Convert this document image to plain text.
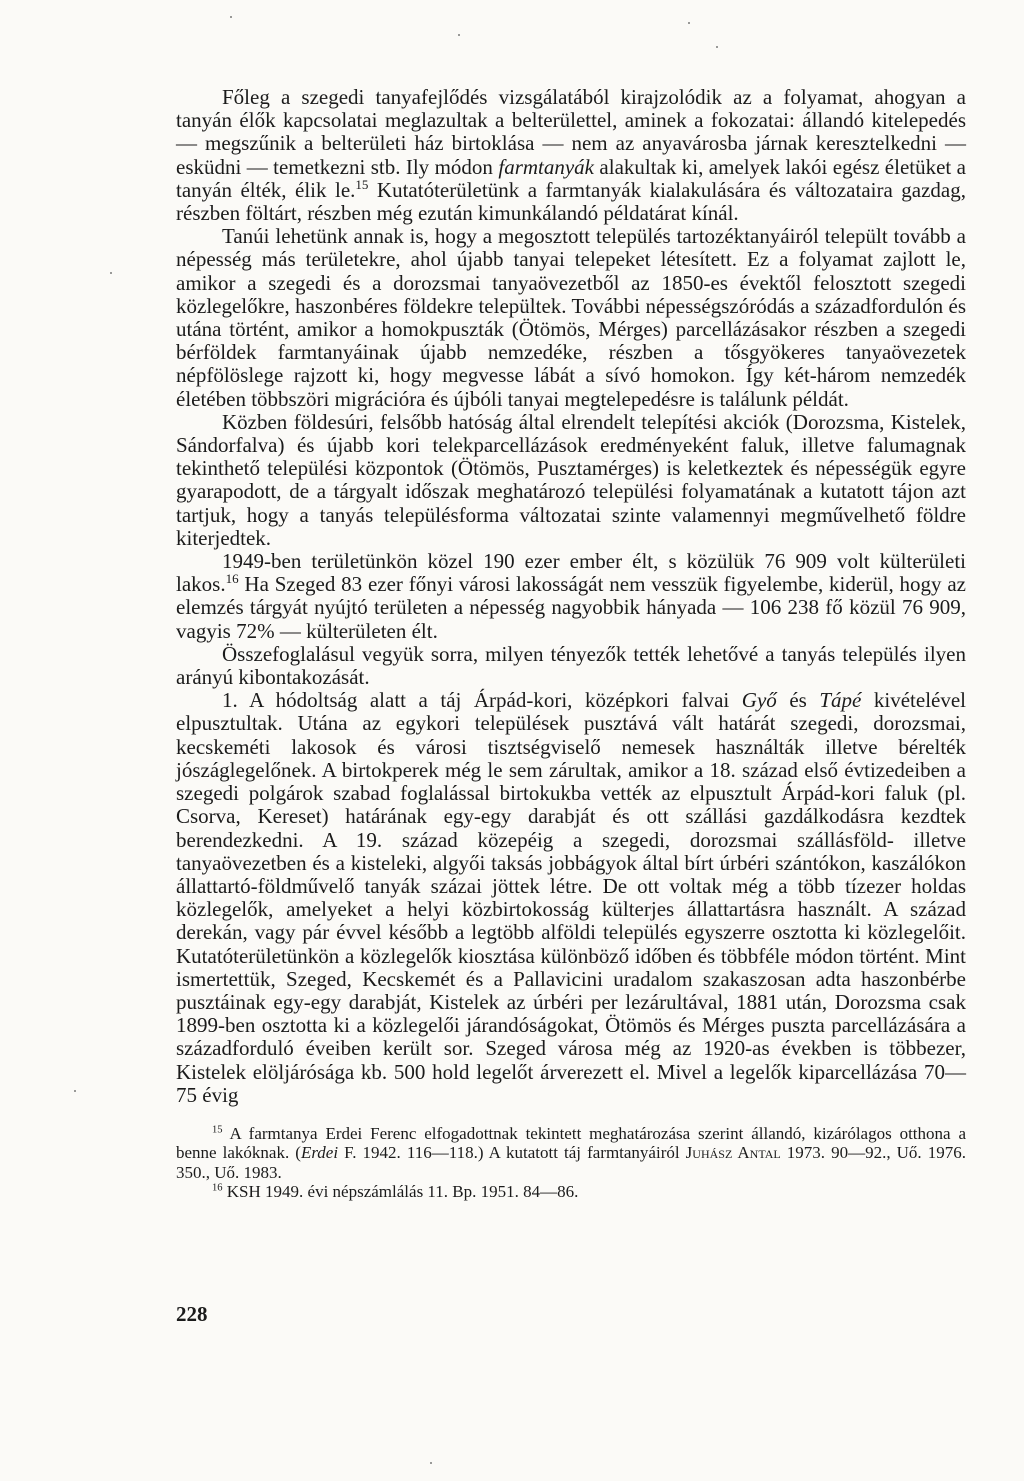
Főleg a szegedi tanyafejlődés vizsgálatából kirajzolódik az a folyamat, ahogyan a tanyán élők kapcsolatai meglazultak a belterülettel, aminek a fokozatai: állandó kitelepedés — megszűnik a belterületi ház birtoklása — nem az anyavárosba járnak keresztelkedni — esküdni — temetkezni stb. Ily módon farmtanyák alakultak ki, amelyek lakói egész életüket a tanyán élték, élik le.$^{15}$ Kutatóterületünk a farmtanyák kialakulására és változataira gazdag, részben föltárt, részben még ezután kimunkálandó példatárat kínál.

Tanúi lehetünk annak is, hogy a megosztott település tartozéktanyáiról települt tovább a népesség más területekre, ahol újabb tanyai telepeket létesített. Ez a folyamat zajlott le, amikor a szegedi és a dorozsmai tanyaövezetből az 1850-es évektől felosztott szegedi közlegelőkre, haszonbéres földekre települtek. További népességszóródás a századfordulón és utána történt, amikor a homokpuszták (Ötömös, Mérges) parcellázásakor részben a szegedi bérföldek farmtanyáinak újabb nemzedéke, részben a tősgyökeres tanyaövezetek népfölöslege rajzott ki, hogy megvesse lábát a sívó homokon. Így két-három nemzedék életében többszöri migrációra és újbóli tanyai megtelepedésre is találunk példát.

Közben földesúri, felsőbb hatóság által elrendelt telepítési akciók (Dorozsma, Kistelek, Sándorfalva) és újabb kori telekparcellázások eredményeként faluk, illetve falumagnak tekinthető települési központok (Ötömös, Pusztamérges) is keletkeztek és népességük egyre gyarapodott, de a tárgyalt időszak meghatározó települési folyamatának a kutatott tájon azt tartjuk, hogy a tanyás településforma változatai szinte valamennyi megművelhető földre kiterjedtek.

1949-ben területünkön közel 190 ezer ember élt, s közülük 76 909 volt külterületi lakos.$^{16}$ Ha Szeged 83 ezer főnyi városi lakosságát nem vesszük figyelembe, kiderül, hogy az elemzés tárgyát nyújtó területen a népesség nagyobbik hányada — 106 238 fő közül 76 909, vagyis 72% — külterületen élt.

Összefoglalásul vegyük sorra, milyen tényezők tették lehetővé a tanyás település ilyen arányú kibontakozását.

1. A hódoltság alatt a táj Árpád-kori, középkori falvai Győ és Tápé kivételével elpusztultak. Utána az egykori települések pusztává vált határát szegedi, dorozsmai, kecskeméti lakosok és városi tisztségviselő nemesek használták illetve bérelték jószáglegelőnek. A birtokperek még le sem zárultak, amikor a 18. század első évtizedeiben a szegedi polgárok szabad foglalással birtokukba vették az elpusztult Árpád-kori faluk (pl. Csorva, Kereset) határának egy-egy darabját és ott szállási gazdálkodásra kezdtek berendezkedni. A 19. század közepéig a szegedi, dorozsmai szállásföld- illetve tanyaövezetben és a kisteleki, algyői taksás jobbágyok által bírt úrbéri szántókon, kaszálókon állattartó-földművelő tanyák százai jöttek létre. De ott voltak még a több tízezer holdas közlegelők, amelyeket a helyi közbirtokosság külterjes állattartásra használt. A század derekán, vagy pár évvel később a legtöbb alföldi település egyszerre osztotta ki közlegelőit. Kutatóterületünkön a közlegelők kiosztása különböző időben és többféle módon történt. Mint ismertettük, Szeged, Kecskemét és a Pallavicini uradalom szakaszosan adta haszonbérbe pusztáinak egy-egy darabját, Kistelek az úrbéri per lezárultával, 1881 után, Dorozsma csak 1899-ben osztotta ki a közlegelői járandóságokat, Ötömös és Mérges puszta parcellázására a századforduló éveiben került sor. Szeged városa még az 1920-as években is többezer, Kistelek elöljárósága kb. 500 hold legelőt árverezett el. Mivel a legelők kiparcellázása 70—75 évig

$^{15}$ A farmtanya Erdei Ferenc elfogadottnak tekintett meghatározása szerint állandó, kizárólagos otthona a benne lakóknak. (Erdei F. 1942. 116—118.) A kutatott táj farmtanyáiról Juhász Antal 1973. 90—92., Uő. 1976. 350., Uő. 1983.

$^{16}$ KSH 1949. évi népszámlálás 11. Bp. 1951. 84—86.

228
